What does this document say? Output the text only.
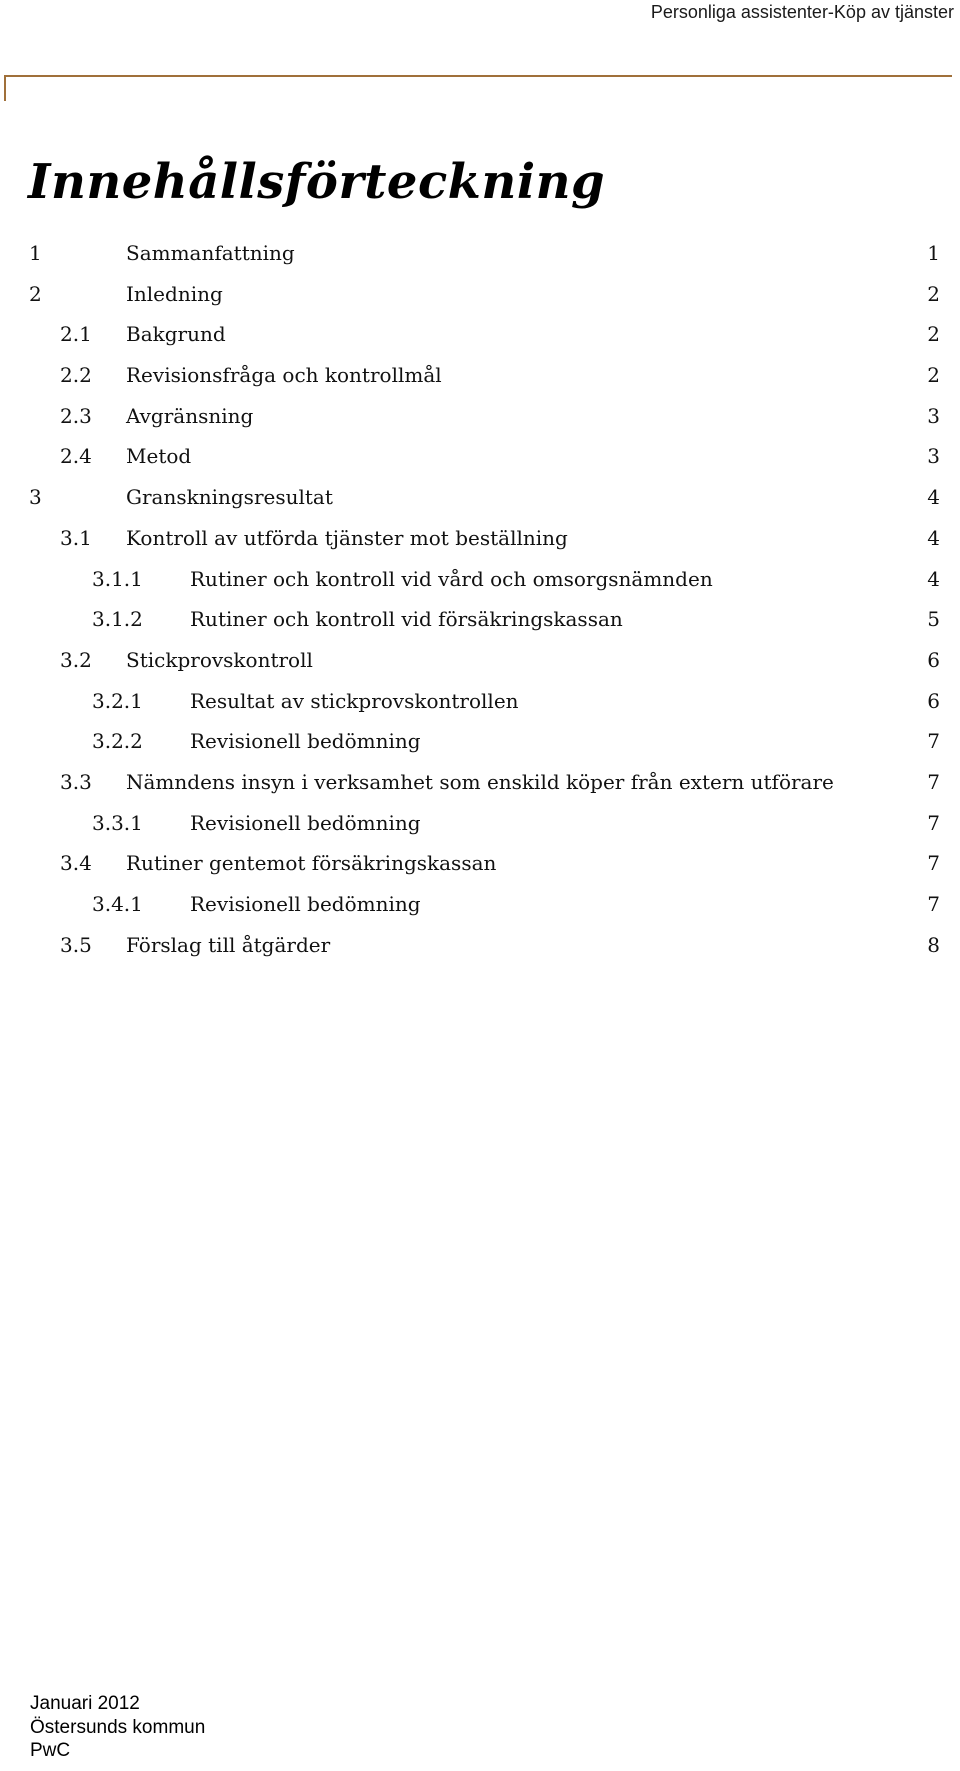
Personliga assistenter-Köp av tjänster
Innehållsförteckning
1	Sammanfattning	1
2	Inledning	2
2.1 Bakgrund	2
2.2 Revisionsfråga och kontrollmål	2
2.3 Avgränsning	3
2.4 Metod	3
3	Granskningsresultat	4
3.1 Kontroll av utförda tjänster mot beställning	4
3.1.1 Rutiner och kontroll vid vård och omsorgsnämnden	4
3.1.2 Rutiner och kontroll vid försäkringskassan	5
3.2 Stickprovskontroll	6
3.2.1 Resultat av stickprovskontrollen	6
3.2.2 Revisionell bedömning	7
3.3 Nämndens insyn i verksamhet som enskild köper från extern utförare	7
3.3.1 Revisionell bedömning	7
3.4 Rutiner gentemot försäkringskassan	7
3.4.1 Revisionell bedömning	7
3.5 Förslag till åtgärder	8
Januari 2012
Östersunds kommun
PwC
